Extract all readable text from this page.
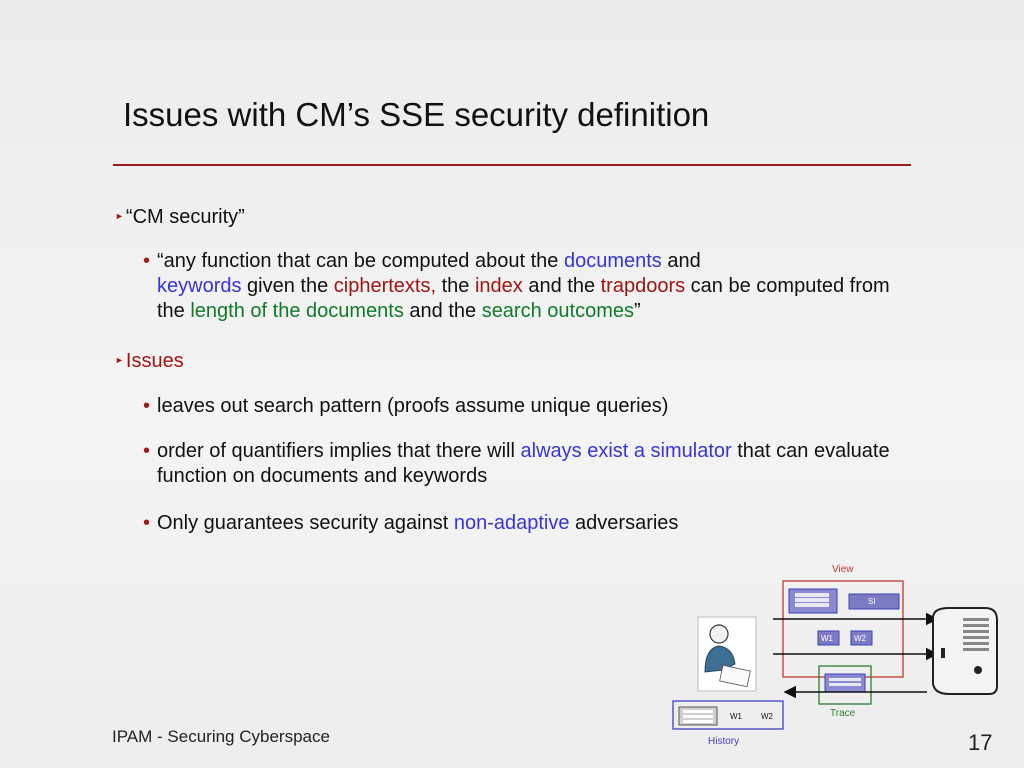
Issues with CM’s SSE security definition
► “CM security”
• “any function that can be computed about the documents and
keywords given the ciphertexts, the index and the trapdoors can be computed from the length of the documents and the search outcomes”
► Issues
• leaves out search pattern (proofs assume unique queries)
• order of quantifiers implies that there will always exist a simulator that can evaluate function on documents and keywords
• Only guarantees security against non-adaptive adversaries
View
SI
W1	W2
Trace
W1 W2
History
IPAM - Securing Cyberspace	17
